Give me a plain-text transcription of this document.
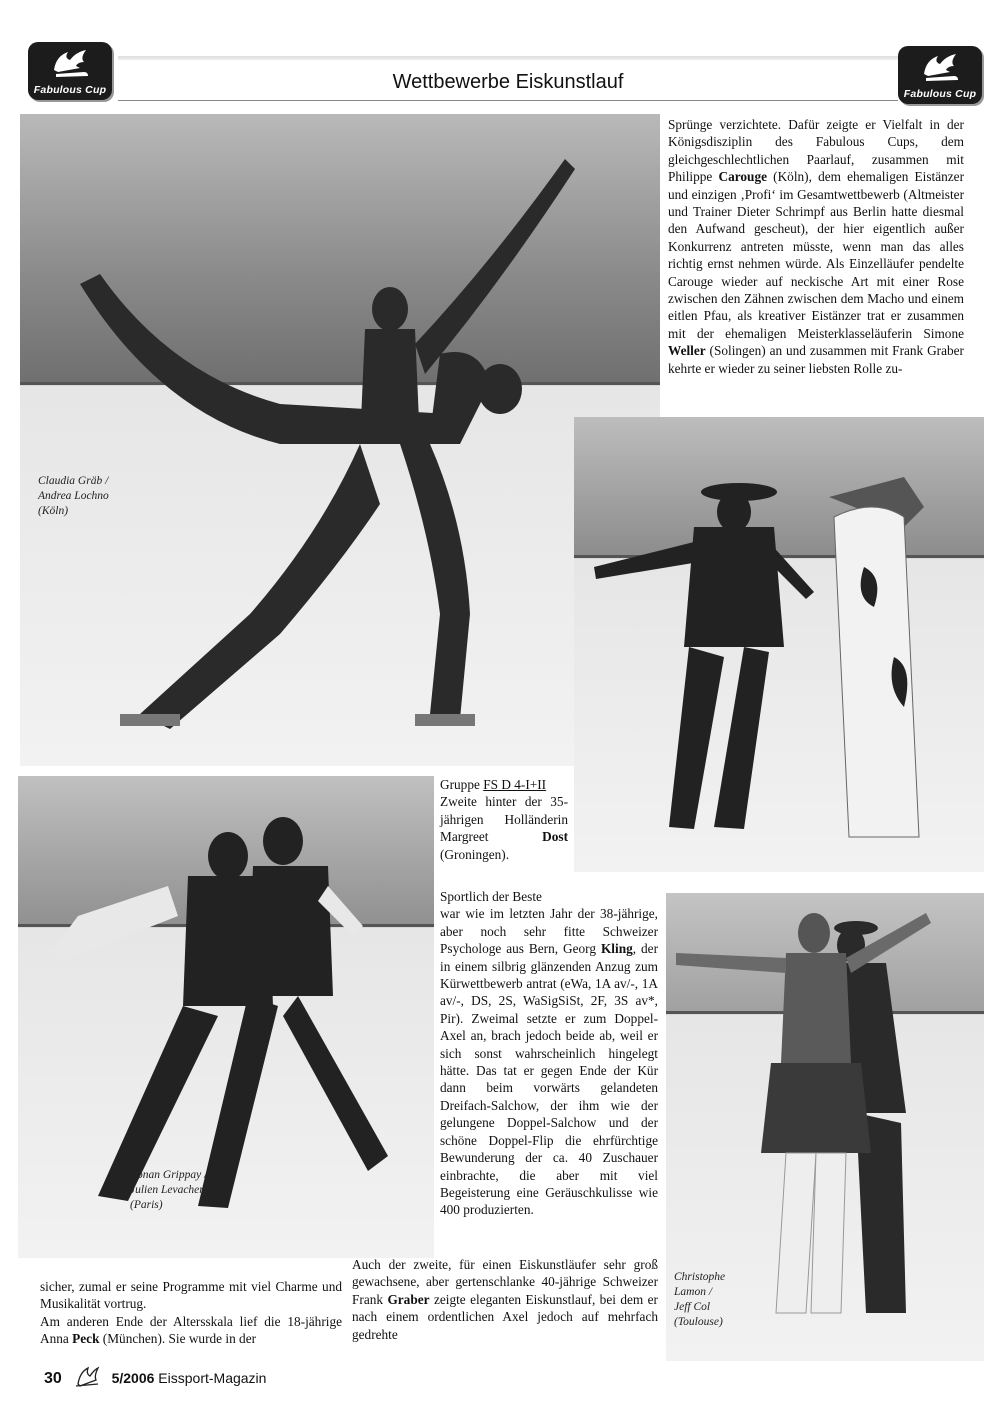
Fabulous Cup	Fabulous Cup
Wettbewerbe Eiskunstlauf
Claudia Gräb /
Andrea Lochno
(Köln)

Sprünge verzichtete. Dafür zeigte er Vielfalt in der Königsdisziplin des Fabulous Cups, dem gleichgeschlechtlichen Paarlauf, zusammen mit Philippe Carouge (Köln), dem ehemaligen Eistänzer und einzigen ‚Profi‘ im Gesamtwettbewerb (Altmeister und Trainer Dieter Schrimpf aus Berlin hatte diesmal den Aufwand gescheut), der hier eigentlich außer Konkurrenz antreten müsste, wenn man das alles richtig ernst nehmen würde. Als Einzelläufer pendelte Carouge wieder auf neckische Art mit einer Rose zwischen den Zähnen zwischen dem Macho und einem eitlen Pfau, als kreativer Eistänzer trat er zusammen mit der ehemaligen Meisterklasseläuferin Simone Weller (Solingen) an und zusammen mit Frank Graber kehrte er wieder zu seiner liebsten Rolle zu-

Gruppe FS D 4-I+II
Zweite hinter der 35-jährigen Holländerin Margreet Dost (Groningen).

Ronan Grippay /
Julien Levacher
(Paris)

Sportlich der Beste
war wie im letzten Jahr der 38-jährige, aber noch sehr fitte Schweizer Psychologe aus Bern, Georg Kling, der in einem silbrig glänzenden Anzug zum Kürwettbewerb antrat (eWa, 1A av/-, 1A av/-, DS, 2S, WaSigSiSt, 2F, 3S av*, Pir). Zweimal setzte er zum Doppel-Axel an, brach jedoch beide ab, weil er sich sonst wahrscheinlich hingelegt hätte. Das tat er gegen Ende der Kür dann beim vorwärts gelandeten Dreifach-Salchow, der ihm wie der gelungene Doppel-Salchow und der schöne Doppel-Flip die ehrfürchtige Bewunderung der ca. 40 Zuschauer einbrachte, die aber mit viel Begeisterung eine Geräuschkulisse wie 400 produzierten.

Christophe
Lamon /
Jeff Col
(Toulouse)

Auch der zweite, für einen Eiskunstläufer sehr groß gewachsene, aber gertenschlanke 40-jährige Schweizer Frank Graber zeigte eleganten Eiskunstlauf, bei dem er nach einem ordentlichen Axel jedoch auf mehrfach gedrehte

sicher, zumal er seine Programme mit viel Charme und Musikalität vortrug.

Am anderen Ende der Altersskala lief die 18-jährige Anna Peck (München). Sie wurde in der

30	5/2006 Eissport-Magazin
